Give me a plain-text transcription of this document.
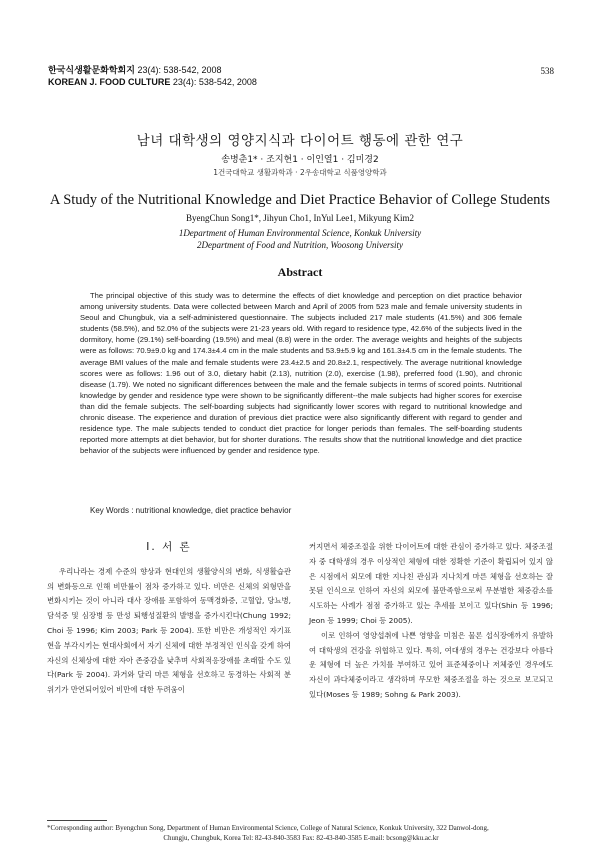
한국식생활문화학회지 23(4): 538-542, 2008
KOREAN J. FOOD CULTURE 23(4): 538-542, 2008
538
남녀 대학생의 영양지식과 다이어트 행동에 관한 연구
송병춘1* · 조지현1 · 이인열1 · 김미경2
1건국대학교 생활과학과 · 2우송대학교 식품영양학과
A Study of the Nutritional Knowledge and Diet Practice Behavior of College Students
ByengChun Song1*, Jihyun Cho1, InYul Lee1, Mikyung Kim2
1Department of Human Environmental Science, Konkuk University
2Department of Food and Nutrition, Woosong University
Abstract

The principal objective of this study was to determine the effects of diet knowledge and perception on diet practice behavior among university students. Data were collected between March and April of 2005 from 523 male and female university students in Seoul and Chungbuk, via a self-administered questionnaire. The subjects included 217 male students (41.5%) and 306 female students (58.5%), and 52.0% of the subjects were 21-23 years old. With regard to residence type, 42.6% of the subjects lived in the dormitory, home (29.1%) self-boarding (19.5%) and meal (8.8) were in the order. The average weights and heights of the subjects were as follows: 70.9±9.0 kg and 174.3±4.4 cm in the male students and 53.9±5.9 kg and 161.3±4.5 cm in the female students. The average BMI values of the male and female students were 23.4±2.5 and 20.8±2.1, respectively. The average nutritional knowledge scores were as follows: 1.96 out of 3.0, dietary habit (2.13), nutrition (2.0), exercise (1.98), preferred food (1.90), and chronic disease (1.79). We noted no significant differences between the male and the female subjects in terms of scored points. Nutritional knowledge by gender and residence type were shown to be significantly different--the male subjects had higher scores for exercise than did the female subjects. The self-boarding subjects had significantly lower scores with regard to nutritional knowledge and chronic disease. The experience and duration of previous diet practice were also significantly different with regard to gender and residence type. The male subjects tended to conduct diet practice for longer periods than females. The self-boarding students reported more attempts at diet behavior, but for shorter durations. The results show that the nutritional knowledge and diet practice behavior of the subjects were influenced by gender and residence type.

Key Words : nutritional knowledge, diet practice behavior
I. 서 론

우리나라는 경제 수준의 향상과 현대인의 생활양식의 변화, 식생활습관의 변화등으로 인해 비만률이 점차 증가하고 있다. 비만은 신체의 외형만을 변화시키는 것이 아니라 대사 장애를 포함하여 동맥경화증, 고혈압, 당뇨병, 담석증 및 심장병 등 만성 퇴행성질환의 발병을 증가시킨다(Chung 1992; Choi 등 1996; Kim 2003; Park 등 2004). 또한 비만은 개성적인 자기표현을 부각시키는 현대사회에서 자기 신체에 대한 부정적인 인식을 갖게 하여 자신의 신체상에 대한 자아 존중감을 낮추며 사회적응장애를 초래할 수도 있다(Park 등 2004). 과거와 달리 마른 체형을 선호하고 동경하는 사회적 분위기가 만연되어있어 비만에 대한 두려움이

커지면서 체중조절을 위한 다이어트에 대한 관심이 증가하고 있다. 체중조절자 중 대학생의 경우 이상적인 체형에 대한 정확한 기준이 확립되어 있지 않은 시점에서 외모에 대한 지나친 관심과 지나치게 마른 체형을 선호하는 잘못된 인식으로 인하여 자신의 외모에 불만족함으로써 무분별한 체중감소를 시도하는 사례가 점점 증가하고 있는 추세를 보이고 있다(Shin 등 1996; Jeon 등 1999; Choi 등 2005).

이로 인하여 영양섭취에 나쁜 영향을 미침은 물론 섭식장애까지 유발하여 대학생의 건강을 위협하고 있다. 특히, 여대생의 경우는 건강보다 아름다운 체형에 더 높은 가치를 부여하고 있어 표준체중이나 저체중인 경우에도 자신이 과다체중이라고 생각하며 무모한 체중조절을 하는 것으로 보고되고 있다(Moses 등 1989; Sohng & Park 2003).

*Corresponding author: Byengchun Song, Department of Human Environmental Science, College of Natural Science, Konkuk University, 322 Danwol-dong,
Chungju, Chungbuk, Korea Tel: 82-43-840-3583 Fax: 82-43-840-3585 E-mail: bcsong@kku.ac.kr
